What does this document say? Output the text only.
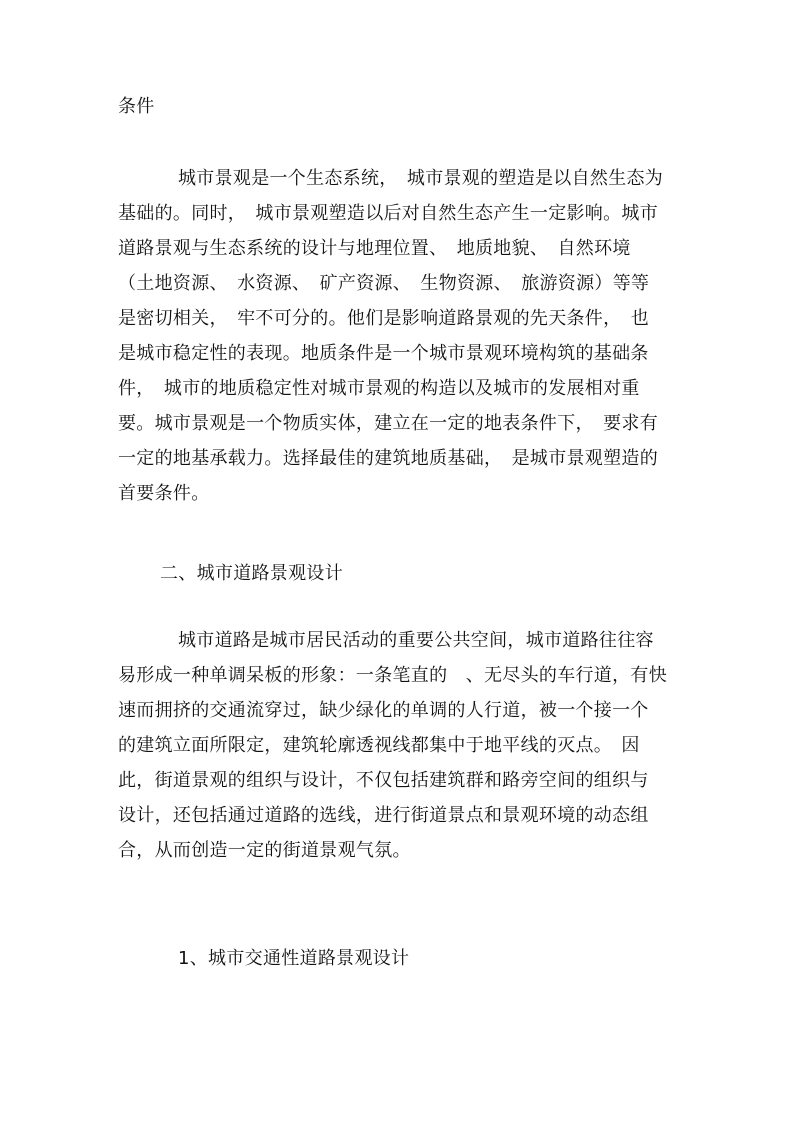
条件
城市景观是一个生态系统，　城市景观的塑造是以自然生态为
基础的。同时，　城市景观塑造以后对自然生态产生一定影响。城市
道路景观与生态系统的设计与地理位置、　地质地貌、　自然环境
（土地资源、　水资源、　矿产资源、　生物资源、　旅游资源）等等
是密切相关，　牢不可分的。他们是影响道路景观的先天条件，　也
是城市稳定性的表现。地质条件是一个城市景观环境构筑的基础条
件，　城市的地质稳定性对城市景观的构造以及城市的发展相对重
要。城市景观是一个物质实体，建立在一定的地表条件下，　要求有
一定的地基承载力。选择最佳的建筑地质基础，　是城市景观塑造的
首要条件。
二、城市道路景观设计
城市道路是城市居民活动的重要公共空间，城市道路往往容
易形成一种单调呆板的形象：一条笔直的　、无尽头的车行道，有快
速而拥挤的交通流穿过，缺少绿化的单调的人行道，被一个接一个
的建筑立面所限定，建筑轮廓透视线都集中于地平线的灭点。　因
此，街道景观的组织与设计，不仅包括建筑群和路旁空间的组织与
设计，还包括通过道路的选线，进行街道景点和景观环境的动态组
合，从而创造一定的街道景观气氛。
1、城市交通性道路景观设计
